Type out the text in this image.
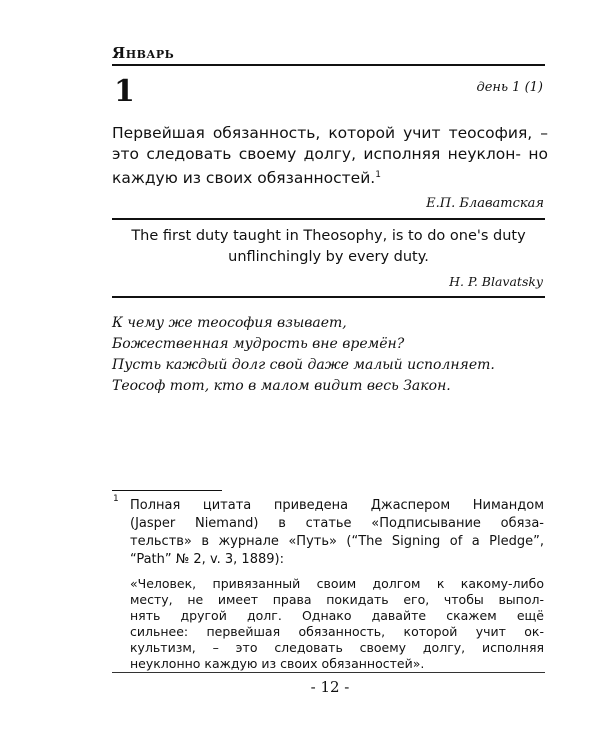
Январь
1	день 1 (1)
Первейшая обязанность, которой учит теософия, – это следовать своему долгу, исполняя неуклон- но каждую из своих обязанностей.$^1$
Е.П. Блаватская
The first duty taught in Theosophy, is to do one's duty
unflinchingly by every duty.
H. P. Blavatsky
К чему же теософия взывает,
Божественная мудрость вне времён?
Пусть каждый долг свой даже малый исполняет.
Теософ тот, кто в малом видит весь Закон.
1 Полная цитата приведена Джаспером Нимандом
(Jasper Niemand) в статье «Подписывание обяза-
тельств» в журнале «Путь» (“The Signing of a Pledge”,
“Path” № 2, v. 3, 1889):
«Человек, привязанный своим долгом к какому-либо
месту, не имеет права покидать его, чтобы выпол-
нять другой долг. Однако давайте скажем ещё
сильнее: первейшая обязанность, которой учит ок-
культизм, – это следовать своему долгу, исполняя
неуклонно каждую из своих обязанностей».
- 12 -
